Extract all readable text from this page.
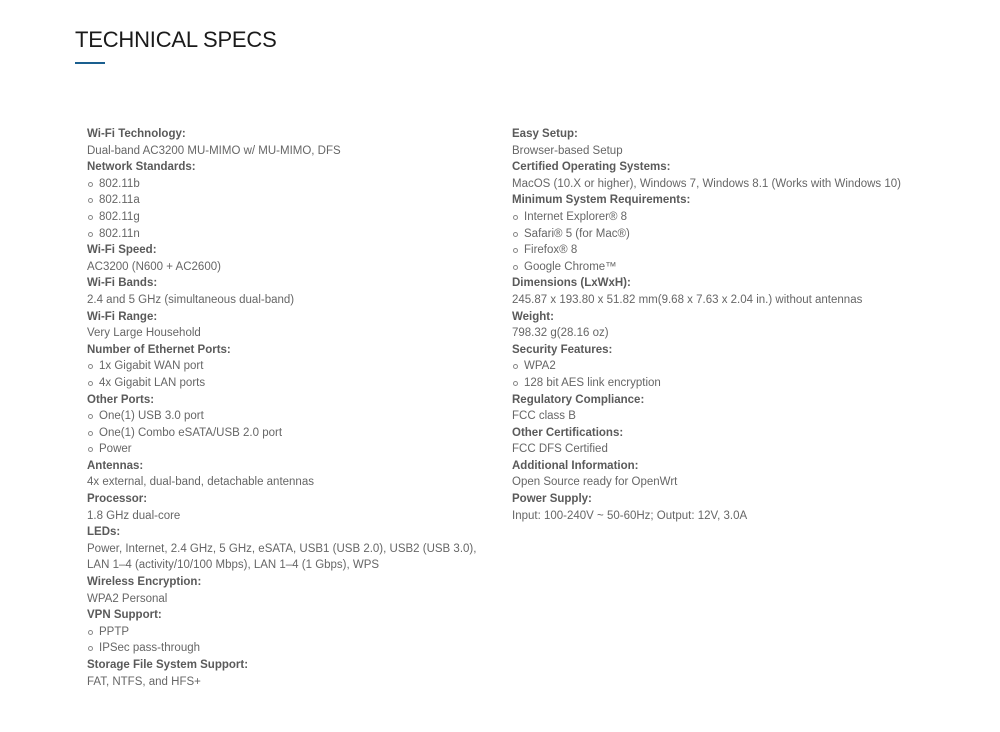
TECHNICAL SPECS
Wi-Fi Technology:
Dual-band AC3200 MU-MIMO w/ MU-MIMO, DFS
Network Standards:
802.11b
802.11a
802.11g
802.11n
Wi-Fi Speed:
AC3200 (N600 + AC2600)
Wi-Fi Bands:
2.4 and 5 GHz (simultaneous dual-band)
Wi-Fi Range:
Very Large Household
Number of Ethernet Ports:
1x Gigabit WAN port
4x Gigabit LAN ports
Other Ports:
One(1) USB 3.0 port
One(1) Combo eSATA/USB 2.0 port
Power
Antennas:
4x external, dual-band, detachable antennas
Processor:
1.8 GHz dual-core
LEDs:
Power, Internet, 2.4 GHz, 5 GHz, eSATA, USB1 (USB 2.0), USB2 (USB 3.0),
LAN 1–4 (activity/10/100 Mbps), LAN 1–4 (1 Gbps), WPS
Wireless Encryption:
WPA2 Personal
VPN Support:
PPTP
IPSec pass-through
Storage File System Support:
FAT, NTFS, and HFS+
Easy Setup:
Browser-based Setup
Certified Operating Systems:
MacOS (10.X or higher), Windows 7, Windows 8.1 (Works with Windows 10)
Minimum System Requirements:
Internet Explorer® 8
Safari® 5 (for Mac®)
Firefox® 8
Google Chrome™
Dimensions (LxWxH):
245.87 x 193.80 x 51.82 mm(9.68 x 7.63 x 2.04 in.) without antennas
Weight:
798.32 g(28.16 oz)
Security Features:
WPA2
128 bit AES link encryption
Regulatory Compliance:
FCC class B
Other Certifications:
FCC DFS Certified
Additional Information:
Open Source ready for OpenWrt
Power Supply:
Input: 100-240V ~ 50-60Hz; Output: 12V, 3.0A
